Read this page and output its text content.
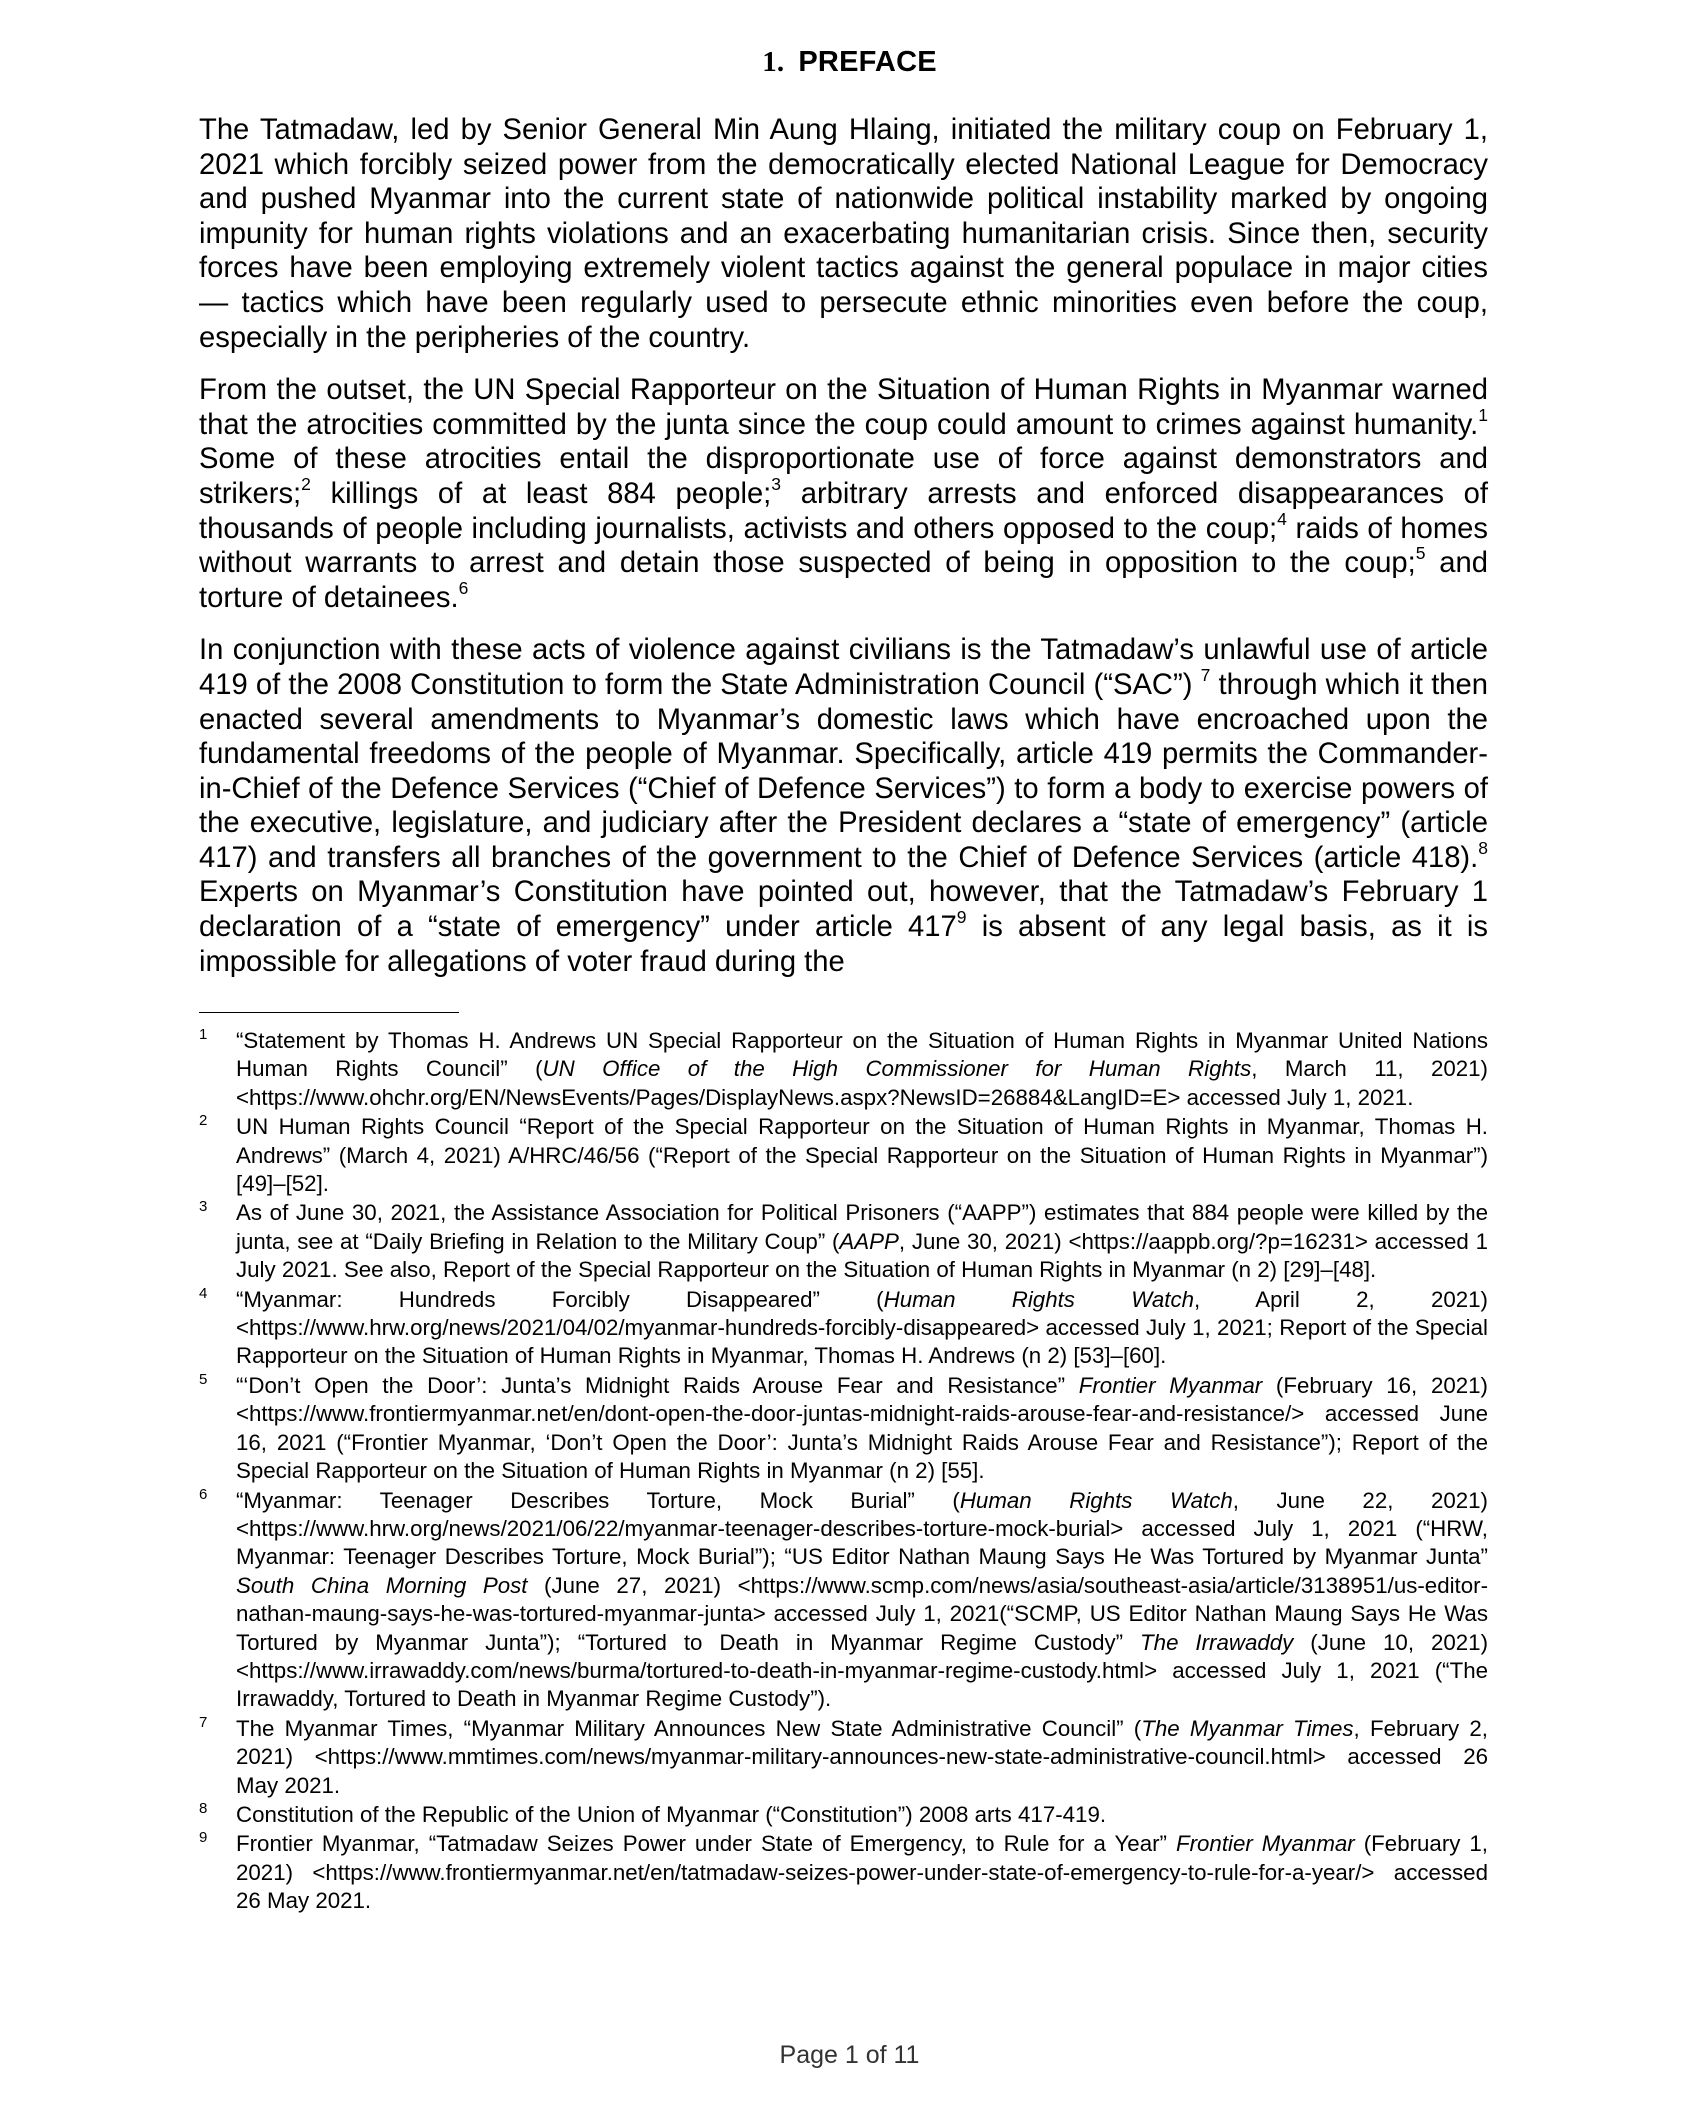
1. PREFACE

The Tatmadaw, led by Senior General Min Aung Hlaing, initiated the military coup on February 1, 2021 which forcibly seized power from the democratically elected National League for Democracy and pushed Myanmar into the current state of nationwide political instability marked by ongoing impunity for human rights violations and an exacerbating humanitarian crisis. Since then, security forces have been employing extremely violent tactics against the general populace in major cities — tactics which have been regularly used to persecute ethnic minorities even before the coup, especially in the peripheries of the country.

From the outset, the UN Special Rapporteur on the Situation of Human Rights in Myanmar warned that the atrocities committed by the junta since the coup could amount to crimes against humanity.$^1$ Some of these atrocities entail the disproportionate use of force against demonstrators and strikers;$^2$ killings of at least 884 people;$^3$ arbitrary arrests and enforced disappearances of thousands of people including journalists, activists and others opposed to the coup;$^4$ raids of homes without warrants to arrest and detain those suspected of being in opposition to the coup;$^5$ and torture of detainees.$^6$

In conjunction with these acts of violence against civilians is the Tatmadaw’s unlawful use of article 419 of the 2008 Constitution to form the State Administration Council (“SAC”) $^7$ through which it then enacted several amendments to Myanmar’s domestic laws which have encroached upon the fundamental freedoms of the people of Myanmar. Specifically, article 419 permits the Commander-in-Chief of the Defence Services (“Chief of Defence Services”) to form a body to exercise powers of the executive, legislature, and judiciary after the President declares a “state of emergency” (article 417) and transfers all branches of the government to the Chief of Defence Services (article 418).$^8$ Experts on Myanmar’s Constitution have pointed out, however, that the Tatmadaw’s February 1 declaration of a “state of emergency” under article $417^9$ is absent of any legal basis, as it is impossible for allegations of voter fraud during the

1 “Statement by Thomas H. Andrews UN Special Rapporteur on the Situation of Human Rights in Myanmar United Nations Human Rights Council” (UN Office of the High Commissioner for Human Rights, March 11, 2021) <https://www.ohchr.org/EN/NewsEvents/Pages/DisplayNews.aspx?NewsID=26884&LangID=E> accessed July 1, 2021.
2 UN Human Rights Council “Report of the Special Rapporteur on the Situation of Human Rights in Myanmar, Thomas H. Andrews” (March 4, 2021) A/HRC/46/56 (“Report of the Special Rapporteur on the Situation of Human Rights in Myanmar”) [49]–[52].
3 As of June 30, 2021, the Assistance Association for Political Prisoners (“AAPP”) estimates that 884 people were killed by the junta, see at “Daily Briefing in Relation to the Military Coup” (AAPP, June 30, 2021) <https://aappb.org/?p=16231> accessed 1 July 2021. See also, Report of the Special Rapporteur on the Situation of Human Rights in Myanmar (n 2) [29]–[48].
4 “Myanmar: Hundreds Forcibly Disappeared” (Human Rights Watch, April 2, 2021) <https://www.hrw.org/news/2021/04/02/myanmar-hundreds-forcibly-disappeared> accessed July 1, 2021; Report of the Special Rapporteur on the Situation of Human Rights in Myanmar, Thomas H. Andrews (n 2) [53]–[60].
5 “‘Don’t Open the Door’: Junta’s Midnight Raids Arouse Fear and Resistance” Frontier Myanmar (February 16, 2021) <https://www.frontiermyanmar.net/en/dont-open-the-door-juntas-midnight-raids-arouse-fear-and-resistance/> accessed June 16, 2021 (“Frontier Myanmar, ‘Don’t Open the Door’: Junta’s Midnight Raids Arouse Fear and Resistance”); Report of the Special Rapporteur on the Situation of Human Rights in Myanmar (n 2) [55].
6 “Myanmar: Teenager Describes Torture, Mock Burial” (Human Rights Watch, June 22, 2021) <https://www.hrw.org/news/2021/06/22/myanmar-teenager-describes-torture-mock-burial> accessed July 1, 2021 (“HRW, Myanmar: Teenager Describes Torture, Mock Burial”); “US Editor Nathan Maung Says He Was Tortured by Myanmar Junta” South China Morning Post (June 27, 2021) <https://www.scmp.com/news/asia/southeast-asia/article/3138951/us-editor-nathan-maung-says-he-was-tortured-myanmar-junta> accessed July 1, 2021(“SCMP, US Editor Nathan Maung Says He Was Tortured by Myanmar Junta”); “Tortured to Death in Myanmar Regime Custody” The Irrawaddy (June 10, 2021) <https://www.irrawaddy.com/news/burma/tortured-to-death-in-myanmar-regime-custody.html> accessed July 1, 2021 (“The Irrawaddy, Tortured to Death in Myanmar Regime Custody”).
7 The Myanmar Times, “Myanmar Military Announces New State Administrative Council” (The Myanmar Times, February 2, 2021) <https://www.mmtimes.com/news/myanmar-military-announces-new-state-administrative-council.html> accessed 26 May 2021.
8 Constitution of the Republic of the Union of Myanmar (“Constitution”) 2008 arts 417-419.
9 Frontier Myanmar, “Tatmadaw Seizes Power under State of Emergency, to Rule for a Year” Frontier Myanmar (February 1, 2021) <https://www.frontiermyanmar.net/en/tatmadaw-seizes-power-under-state-of-emergency-to-rule-for-a-year/> accessed 26 May 2021.
Page 1 of 11
